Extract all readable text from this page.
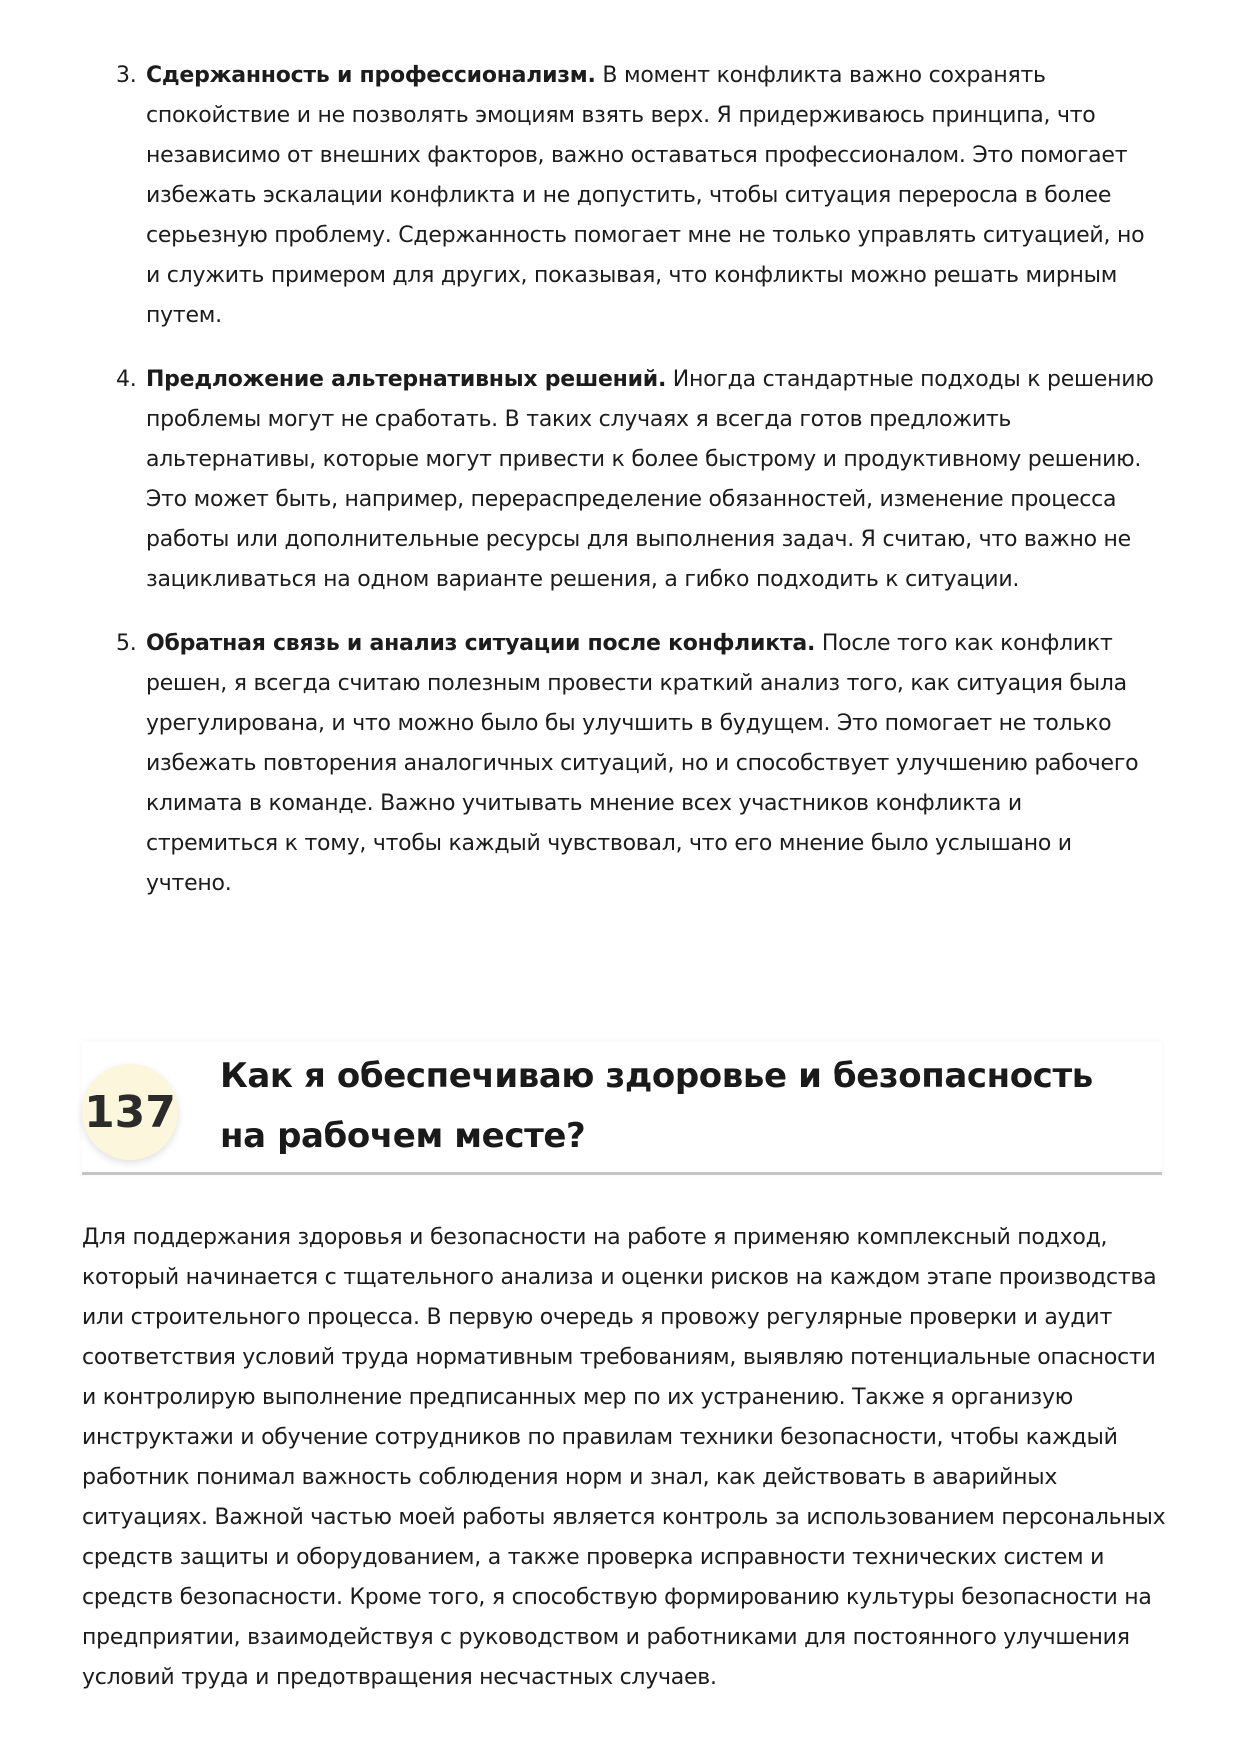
3. Сдержанность и профессионализм. В момент конфликта важно сохранять спокойствие и не позволять эмоциям взять верх. Я придерживаюсь принципа, что независимо от внешних факторов, важно оставаться профессионалом. Это помогает избежать эскалации конфликта и не допустить, чтобы ситуация переросла в более серьезную проблему. Сдержанность помогает мне не только управлять ситуацией, но и служить примером для других, показывая, что конфликты можно решать мирным путем.
4. Предложение альтернативных решений. Иногда стандартные подходы к решению проблемы могут не сработать. В таких случаях я всегда готов предложить альтернативы, которые могут привести к более быстрому и продуктивному решению. Это может быть, например, перераспределение обязанностей, изменение процесса работы или дополнительные ресурсы для выполнения задач. Я считаю, что важно не зацикливаться на одном варианте решения, а гибко подходить к ситуации.
5. Обратная связь и анализ ситуации после конфликта. После того как конфликт решен, я всегда считаю полезным провести краткий анализ того, как ситуация была урегулирована, и что можно было бы улучшить в будущем. Это помогает не только избежать повторения аналогичных ситуаций, но и способствует улучшению рабочего климата в команде. Важно учитывать мнение всех участников конфликта и стремиться к тому, чтобы каждый чувствовал, что его мнение было услышано и учтено.
137
Как я обеспечиваю здоровье и безопасность на рабочем месте?

Для поддержания здоровья и безопасности на работе я применяю комплексный подход, который начинается с тщательного анализа и оценки рисков на каждом этапе производства или строительного процесса. В первую очередь я провожу регулярные проверки и аудит соответствия условий труда нормативным требованиям, выявляю потенциальные опасности и контролирую выполнение предписанных мер по их устранению. Также я организую инструктажи и обучение сотрудников по правилам техники безопасности, чтобы каждый работник понимал важность соблюдения норм и знал, как действовать в аварийных ситуациях. Важной частью моей работы является контроль за использованием персональных средств защиты и оборудованием, а также проверка исправности технических систем и средств безопасности. Кроме того, я способствую формированию культуры безопасности на предприятии, взаимодействуя с руководством и работниками для постоянного улучшения условий труда и предотвращения несчастных случаев.
